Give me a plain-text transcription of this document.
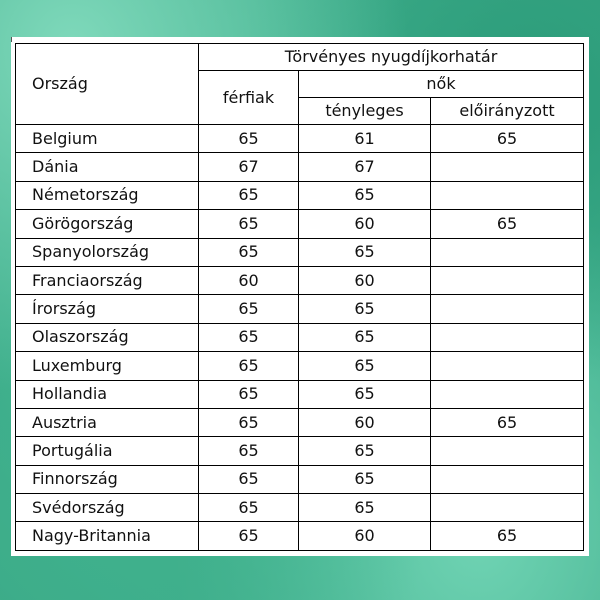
Ország	Törvényes nyugdíjkorhatár		
	férfiak	nők	
		tényleges	előirányzott
Belgium	65	61	65
Dánia	67	67	
Németország	65	65	
Görögország	65	60	65
Spanyolország	65	65	
Franciaország	60	60	
Írország	65	65	
Olaszország	65	65	
Luxemburg	65	65	
Hollandia	65	65	
Ausztria	65	60	65
Portugália	65	65	
Finnország	65	65	
Svédország	65	65	
Nagy-Britannia	65	60	65
